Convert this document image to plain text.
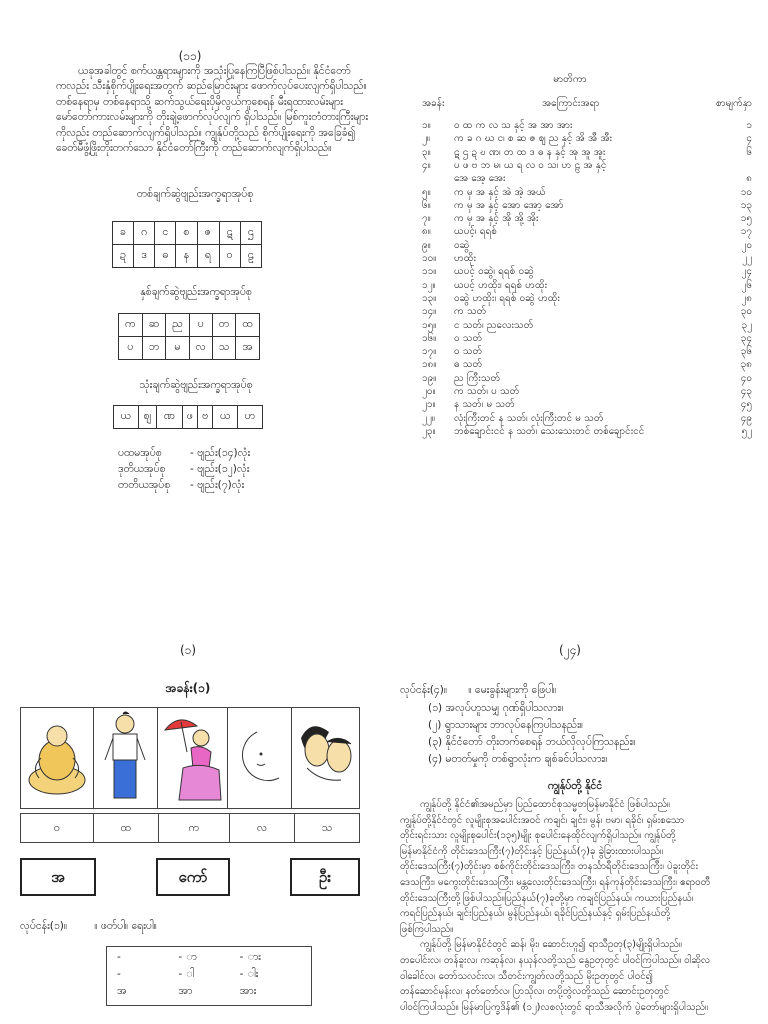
(၁၁)

ယခုအခါတွင် စက်ယန္တရားများကို အသုံးပြုနေကြပြီဖြစ်ပါသည်။ နိုင်ငံတော်

ကလည်း သီးနှံစိုက်ပျိုးရေးအတွက် ဆည်မြောင်းများ ဖောက်လုပ်ပေးလျက်ရှိပါသည်။

တစ်နေရာမှ တစ်နေရာသို့ ဆက်သွယ်ရေးပိုမိုလွယ်ကူစေရန် မီးရထားလမ်းများ

မော်တော်ကားလမ်းများကို တိုးချဲ့ဖောက်လုပ်လျက် ရှိပါသည်။ မြစ်ကူးတံတားကြီးများ

ကိုလည်း တည်ဆောက်လျက်ရှိပါသည်။ ကျွန်ုပ်တို့သည် စိုက်ပျိုးရေးကို အခြေခံ၍

ခေတ်မီဖွံ့ဖြိုးတိုးတက်သော နိုင်ငံတော်ကြီးကို တည်ဆောက်လျက်ရှိပါသည်။

တစ်ချက်ဆွဲဗျည်းအက္ခရာအုပ်စု
ခ	ဂ	င	စ	ဇ	ဋ	ဌ
ဍ	ဒ	ဓ	န	ရ	ဝ	ဠ
နှစ်ချက်ဆွဲဗျည်းအက္ခရာအုပ်စု
က	ဆ	ည	ပ	တ	ထ
ပ	ဘ	မ	လ	သ	အ
သုံးချက်ဆွဲဗျည်းအက္ခရာအုပ်စု
ယ	ဈ	ဏ	ဖ	ဗ	ယ	ဟ
ပထမအုပ်စု	- ဗျည်း(၁၄)လုံး
ဒုတိယအုပ်စု	- ဗျည်း(၁၂)လုံး
တတိယအုပ်စု	- ဗျည်း(၇)လုံး
မာတိကာ
အခန်း	အကြောင်းအရာ	စာမျက်နှာ
၁။	ဝ ထ က လ သ နှင့် အ အာ အား	၁
၂။	က ခ ဂ ဃ င၊ စ ဆ ဇ ဈ ည နှင့် အိ အီ အီး	၄
၃။	ဋ ဌ ဍ ဎ ဏ၊ တ ထ ဒ ဓ န နှင့် အု အူ အူး	၆
၄။	ပ ဖ ဗ ဘ မ၊ ယ ရ လ ဝ သ၊ ဟ ဠ အ နှင့်
အေ အေ့ အေး	၈
၅။	က မှ အ နှင့် အဲ အဲ့ အယ်	၁၀
၆။	က မှ အ နှင့် အော အော့ အော်	၁၃
၇။	က မှ အ နှင့် အို အို့ အိုး	၁၅
၈။	ယပင့်၊ ရရစ်	၁၇
၉။	ဝဆွဲ	၂၀
၁၀။	ဟထိုး	၂၂
၁၁။	ယပင့် ဝဆွဲ၊ ရရစ် ဝဆွဲ	၂၄
၁၂။	ယပင့် ဟထိုး၊ ရရစ် ဟထိုး	၂၆
၁၃။	ဝဆွဲ ဟထိုး၊ ရရစ် ဝဆွဲ ဟထိုး	၂၈
၁၄။	က သတ်	၃၀
၁၅။	င သတ်၊ ညလေးသတ်	၃၂
၁၆။	ဝ သတ်	၃၄
၁၇။	ဝ သတ်	၃၆
၁၈။	ဓ သတ်	၃၈
၁၉။	ည ကြီးသတ်	၄၀
၂၀။	က သတ်၊ ပ သတ်	၄၃
၂၁။	န သတ်၊ မ သတ်	၄၅
၂၂။	လုံးကြီးတင် န သတ်၊ လုံးကြီးတင် မ သတ်	၄၉
၂၃။	ဘစ်ချောင်းငင် န သတ်၊ သေးသေးတင် တစ်ချောင်းငင်	၅၂
(၁)
အခန်း(၁)
ဝ	ထ	က	လ	သ
အ	ကော်	ဦး
လုပ်ငန်း(၁)။	။ ဖတ်ပါ။ ရေးပါ။
-	- ာ	- ား
-	- ါ	- ါး
အ	အာ	အား
(၂၄)
လုပ်ငန်း(၄)။ ။ မေးခွန်းများကို ဖြေပါ။
(၁) အလုပ်ဟူသမျှ ဂုဏ်ရှိပါသလား။
(၂) ရွာသားများ ဘာလုပ်နေကြပါသနည်း။
(၃) နိုင်ငံတော် တိုးတက်စေရန် ဘယ်လိုလုပ်ကြသနည်း။
(၄) မတတ်မှုကို တစ်ရွာလုံးက ချစ်ခင်ပါသလား။
ကျွန်ုပ်တို့ နိုင်ငံ

ကျွန်ုပ်တို့ နိုင်ငံ၏အမည်မှာ ပြည်ထောင်စုသမ္မတမြန်မာနိုင်ငံ ဖြစ်ပါသည်။

ကျွန်ုပ်တို့နိုင်ငံတွင် လူမျိုးစုအပေါင်းအဝင် ကချင်၊ ချင်း၊ မွန်၊ ဗမာ၊ ရခိုင်၊ ရှမ်းစသော

တိုင်းရင်းသား လူမျိုးစုပေါင်း(၁၃၅)မျိုး စုပေါင်းနေထိုင်လျက်ရှိပါသည်။ ကျွန်ုပ်တို့

မြန်မာနိုင်ငံကို တိုင်းဒေသကြီး(၇)တိုင်းနှင့် ပြည်နယ်(၇)ခု ခွဲခြားထားပါသည်။

တိုင်းဒေသကြီး(၇)တိုင်းမှာ စစ်ကိုင်းတိုင်းဒေသကြီး၊ တနင်္သာရီတိုင်းဒေသကြီး၊ ပဲခူးတိုင်း

ဒေသကြီး၊ မကွေးတိုင်းဒေသကြီး၊ မန္တလေးတိုင်းဒေသကြီး၊ ရန်ကုန်တိုင်းဒေသကြီး၊ ဧရာဝတီ

တိုင်းဒေသကြီးတို့ဖြစ်ပါသည်။ပြည်နယ်(၇)ခုတို့မှာ ကချင်ပြည်နယ်၊ ကယားပြည်နယ်၊

ကရင်ပြည်နယ်၊ ချင်းပြည်နယ်၊ မွန်ပြည်နယ်၊ ရခိုင်ပြည်နယ်နှင့် ရှမ်းပြည်နယ်တို့

ဖြစ်ကြပါသည်။

ကျွန်ုပ်တို့ မြန်မာနိုင်ငံတွင် ဆန်၊ မိုး၊ ဆောင်းဟူ၍ ရာသီဥတု(၃)မျိုးရှိပါသည်။

တပေါင်းလ၊ တန်ခူးလ၊ ကဆုန်လ၊ နယုန်လတို့သည် နွေဥတုတွင် ပါဝင်ကြပါသည်။ ဝါဆိုလ

ဝါခေါင်လ၊ တော်သလင်းလ၊ သီတင်းကျွတ်လတို့သည် မိုးဥတုတွင် ပါဝင်၍

တန်ဆောင်မုန်းလ၊ နတ်တော်လ၊ ပြာသိုလ၊ တပို့တွဲလတို့သည် ဆောင်းဥတုတွင်

ပါဝင်ကြပါသည်။ မြန်မာပြက္ခဒိန်၏ (၁၂)လစလုံးတွင် ရာသီအလိုက် ပွဲတော်များရှိပါသည်။
